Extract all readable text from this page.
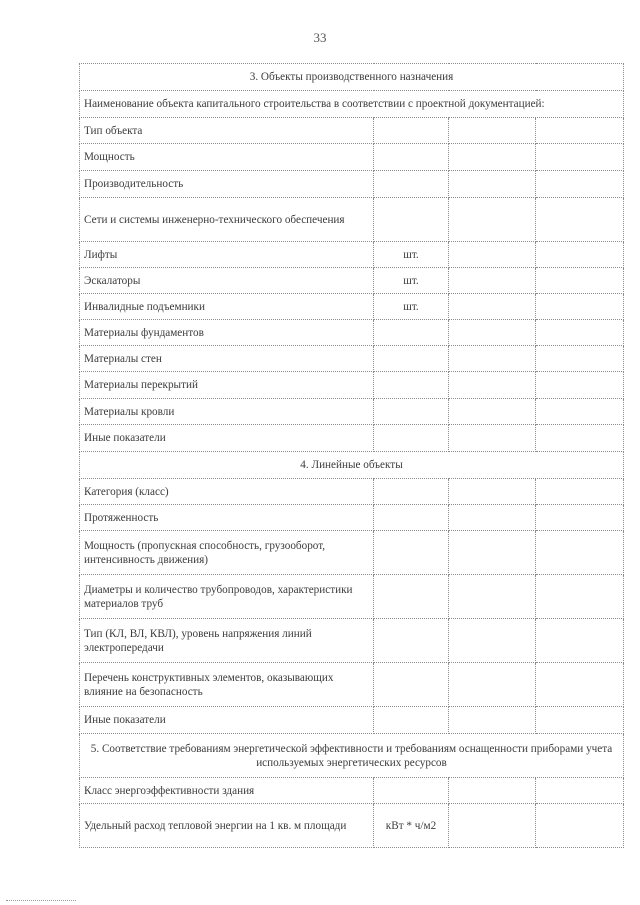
33
3. Объекты производственного назначения			
Наименование объекта капитального строительства в соответствии с проектной документацией:			
Тип объекта			
Мощность			
Производительность			
Сети и системы инженерно-технического обеспечения			
Лифты	шт.		
Эскалаторы	шт.		
Инвалидные подъемники	шт.		
Материалы фундаментов			
Материалы стен			
Материалы перекрытий			
Материалы кровли			
Иные показатели			
4. Линейные объекты			
Категория (класс)			
Протяженность			
Мощность (пропускная способность, грузооборот, интенсивность движения)			
Диаметры и количество трубопроводов, характеристики материалов труб			
Тип (КЛ, ВЛ, КВЛ), уровень напряжения линий электропередачи			
Перечень конструктивных элементов, оказывающих влияние на безопасность			
Иные показатели			
5. Соответствие требованиям энергетической эффективности и требованиям оснащенности приборами учета используемых энергетических ресурсов			
Класс энергоэффективности здания			
Удельный расход тепловой энергии на 1 кв. м площади	кВт * ч/м2		
